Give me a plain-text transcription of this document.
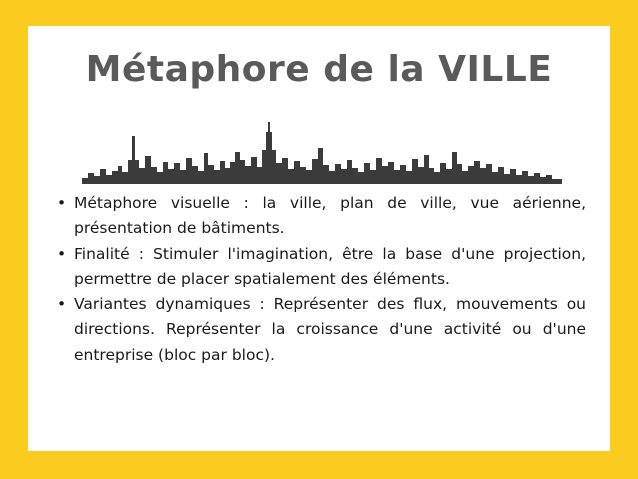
Métaphore de la VILLE
• Métaphore visuelle : la ville, plan de ville, vue aérienne, présentation de bâtiments.
• Finalité : Stimuler l'imagination, être la base d'une projection, permettre de placer spatialement des éléments.
• Variantes dynamiques : Représenter des flux, mouvements ou directions. Représenter la croissance d'une activité ou d'une entreprise (bloc par bloc).
